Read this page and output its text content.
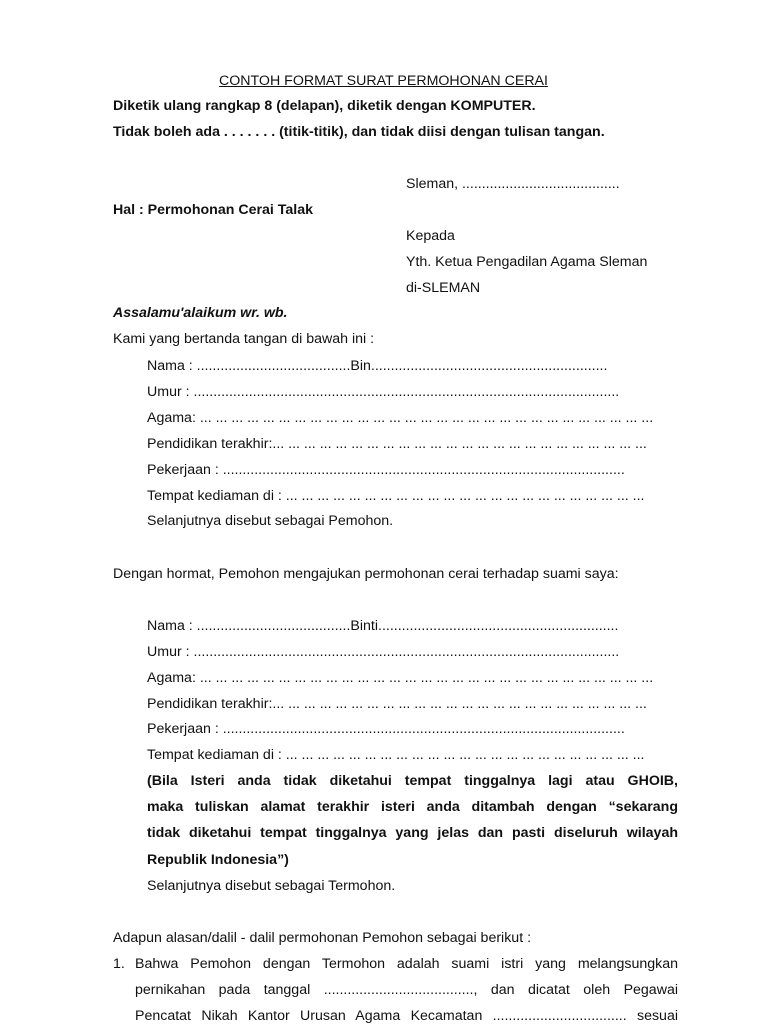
CONTOH FORMAT SURAT PERMOHONAN CERAI
Diketik ulang rangkap 8 (delapan), diketik dengan KOMPUTER.
Tidak boleh ada . . . . . . . (titik-titik), dan tidak diisi dengan tulisan tangan.
Sleman, ........................................
Hal : Permohonan Cerai Talak
Kepada
Yth. Ketua Pengadilan Agama Sleman
di-SLEMAN
Assalamu'alaikum wr. wb.
Kami yang bertanda tangan di bawah ini :
Nama : .......................................Bin............................................................
Umur : ............................................................................................................
Agama: ... ... ... ... ... ... ... ... ... ... ... ... ... ... ... ... ... ... ... ... ... ... ... ... ... ... ... ... ...
Pendidikan terakhir:... ... ... ... ... ... ... ... ... ... ... ... ... ... ... ... ... ... ... ... ... ... ... ...
Pekerjaan : ......................................................................................................
Tempat kediaman di : ... ... ... ... ... ... ... ... ... ... ... ... ... ... ... ... ... ... ... ... ... ... ...
Selanjutnya disebut sebagai Pemohon.
Dengan hormat, Pemohon mengajukan permohonan cerai terhadap suami saya:
Nama : .......................................Binti.............................................................
Umur : ............................................................................................................
Agama: ... ... ... ... ... ... ... ... ... ... ... ... ... ... ... ... ... ... ... ... ... ... ... ... ... ... ... ... ...
Pendidikan terakhir:... ... ... ... ... ... ... ... ... ... ... ... ... ... ... ... ... ... ... ... ... ... ... ...
Pekerjaan : ......................................................................................................
Tempat kediaman di : ... ... ... ... ... ... ... ... ... ... ... ... ... ... ... ... ... ... ... ... ... ... ...
(Bila Isteri anda tidak diketahui tempat tinggalnya lagi atau GHOIB,
maka tuliskan alamat terakhir isteri anda ditambah dengan “sekarang
tidak diketahui tempat tinggalnya yang jelas dan pasti diseluruh wilayah
Republik Indonesia”)
Selanjutnya disebut sebagai Termohon.
Adapun alasan/dalil - dalil permohonan Pemohon sebagai berikut :
1. Bahwa Pemohon dengan Termohon adalah suami istri yang melangsungkan
pernikahan pada tanggal ......................................, dan dicatat oleh Pegawai
Pencatat Nikah Kantor Urusan Agama Kecamatan .................................. sesuai
